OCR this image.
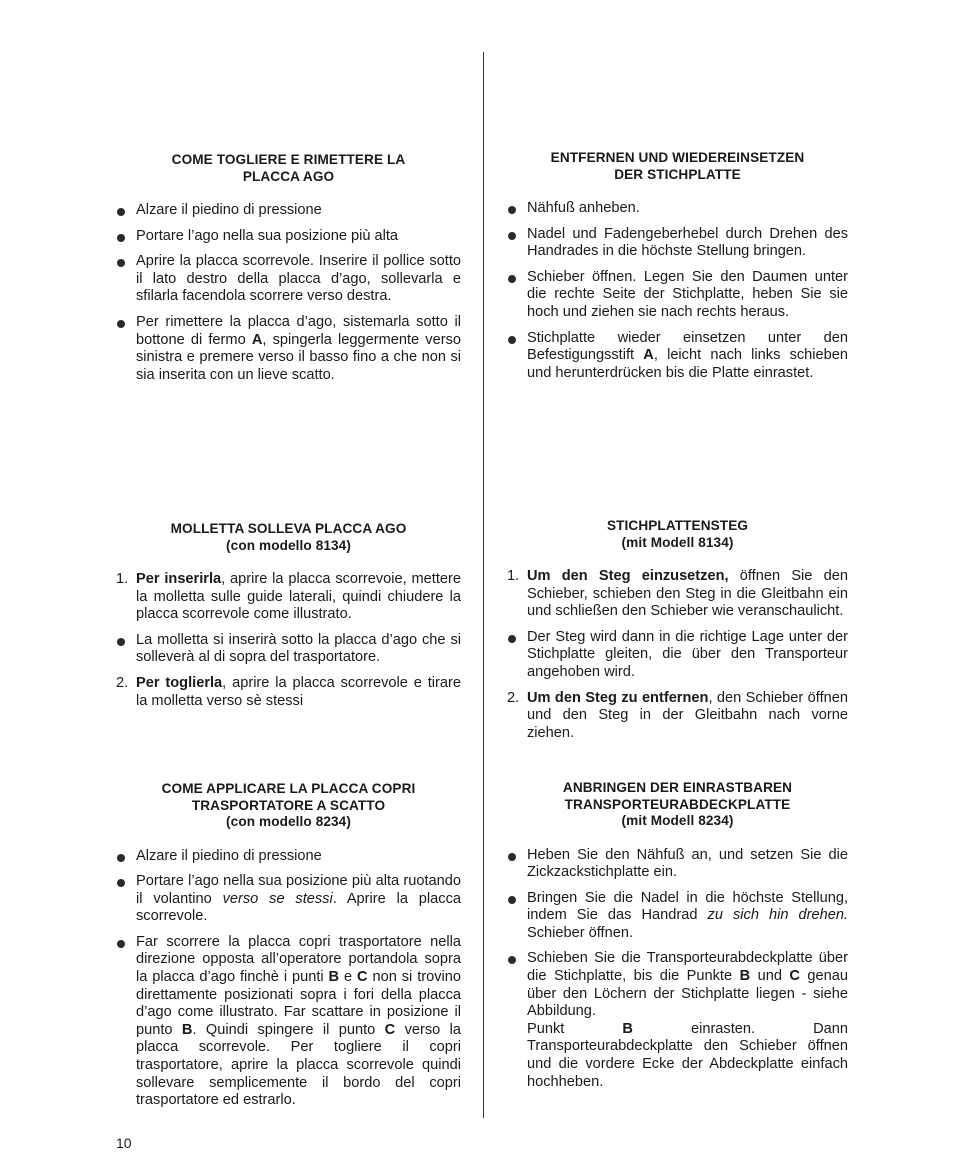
COME TOGLIERE E RIMETTERE LA
PLACCA AGO
Alzare il piedino di pressione
Portare l’ago nella sua posizione più alta
Aprire la placca scorrevole. Inserire il pollice sotto il lato destro della placca d’ago, sollevarla e sfilarla facendola scorrere verso destra.
Per rimettere la placca d’ago, sistemarla sotto il bottone di fermo A, spingerla leggermente verso sinistra e premere verso il basso fino a che non si sia inserita con un lieve scatto.
MOLLETTA SOLLEVA PLACCA AGO
(con modello 8134)
1. Per inserirla, aprire la placca scorrevoie, mettere la molletta sulle guide laterali, quindi chiudere la placca scorrevole come illustrato.
La molletta si inserirà sotto la placca d’ago che si solleverà al di sopra del trasportatore.
2. Per toglierla, aprire la placca scorrevole e tirare la molletta verso sè stessi
COME APPLICARE LA PLACCA COPRI
TRASPORTATORE A SCATTO
(con modello 8234)
Alzare il piedino di pressione
Portare l’ago nella sua posizione più alta ruotando il volantino verso se stessi. Aprire la placca scorrevole.
Far scorrere la placca copri trasportatore nella direzione opposta all’operatore portandola sopra la placca d’ago finchè i punti B e C non si trovino direttamente posizionati sopra i fori della placca d’ago come illustrato. Far scattare in posizione il punto B. Quindi spingere il punto C verso la placca scorrevole. Per togliere il copri trasportatore, aprire la placca scorrevole quindi sollevare semplicemente il bordo del copri trasportatore ed estrarlo.
ENTFERNEN UND WIEDEREINSETZEN
DER STICHPLATTE
Nähfuß anheben.
Nadel und Fadengeberhebel durch Drehen des Handrades in die höchste Stellung bringen.
Schieber öffnen. Legen Sie den Daumen unter die rechte Seite der Stichplatte, heben Sie sie hoch und ziehen sie nach rechts heraus.
Stichplatte wieder einsetzen unter den Befestigungsstift A, leicht nach links schieben und herunterdrücken bis die Platte einrastet.
STICHPLATTENSTEG
(mit Modell 8134)
1. Um den Steg einzusetzen, öffnen Sie den Schieber, schieben den Steg in die Gleitbahn ein und schließen den Schieber wie veranschaulicht.
Der Steg wird dann in die richtige Lage unter der Stichplatte gleiten, die über den Transporteur angehoben wird.
2. Um den Steg zu entfernen, den Schieber öffnen und den Steg in der Gleitbahn nach vorne ziehen.
ANBRINGEN DER EINRASTBAREN
TRANSPORTEURABDECKPLATTE
(mit Modell 8234)
Heben Sie den Nähfuß an, und setzen Sie die Zickzackstichplatte ein.
Bringen Sie die Nadel in die höchste Stellung, indem Sie das Handrad zu sich hin drehen. Schieber öffnen.
Schieben Sie die Transporteurabdeckplatte über die Stichplatte, bis die Punkte B und C genau über den Löchern der Stichplatte liegen - siehe Abbildung.
Punkt B einrasten. Dann Transporteurabdeckplatte den Schieber öffnen und die vordere Ecke der Abdeckplatte einfach hochheben.
10
